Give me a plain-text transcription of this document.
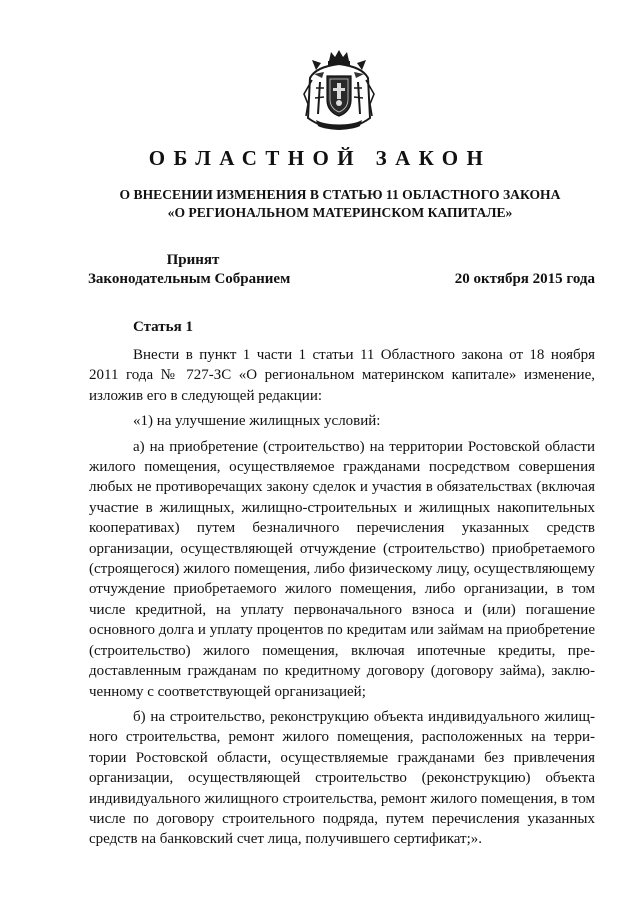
ОБЛАСТНОЙ ЗАКОН
О ВНЕСЕНИИ ИЗМЕНЕНИЯ В СТАТЬЮ 11 ОБЛАСТНОГО ЗАКОНА
«О РЕГИОНАЛЬНОМ МАТЕРИНСКОМ КАПИТАЛЕ»
Принят
Законодательным Собранием	20 октября 2015 года
Статья 1

Внести в пункт 1 части 1 статьи 11 Областного закона от 18 ноября 2011 года № 727-ЗС «О региональном материнском капитале» изменение, изложив его в следующей редакции:

«1) на улучшение жилищных условий:

а) на приобретение (строительство) на территории Ростовской области жилого помещения, осуществляемое гражданами посредством совершения любых не противоречащих закону сделок и участия в обязательствах (включая участие в жилищных, жилищно-строительных и жилищных накопительных кооперативах) путем безналичного перечисления указанных средств организации, осуществляющей отчуждение (строительство) приобретаемого (строящегося) жилого помещения, либо физическому лицу, осуществляющему отчуждение приобретаемого жилого помещения, либо организации, в том числе кредитной, на уплату первоначального взноса и (или) погашение основного долга и уплату процентов по кредитам или займам на приобретение (строительство) жилого помещения, включая ипотечные кредиты, предоставленным гражданам по кредитному договору (договору займа), заключенному с соответствующей организацией;

б) на строительство, реконструкцию объекта индивидуального жилищного строительства, ремонт жилого помещения, расположенных на территории Ростовской области, осуществляемые гражданами без привлечения организации, осуществляющей строительство (реконструкцию) объекта индивидуального жилищного строительства, ремонт жилого помещения, в том числе по договору строительного подряда, путем перечисления указанных средств на банковский счет лица, получившего сертификат;».
